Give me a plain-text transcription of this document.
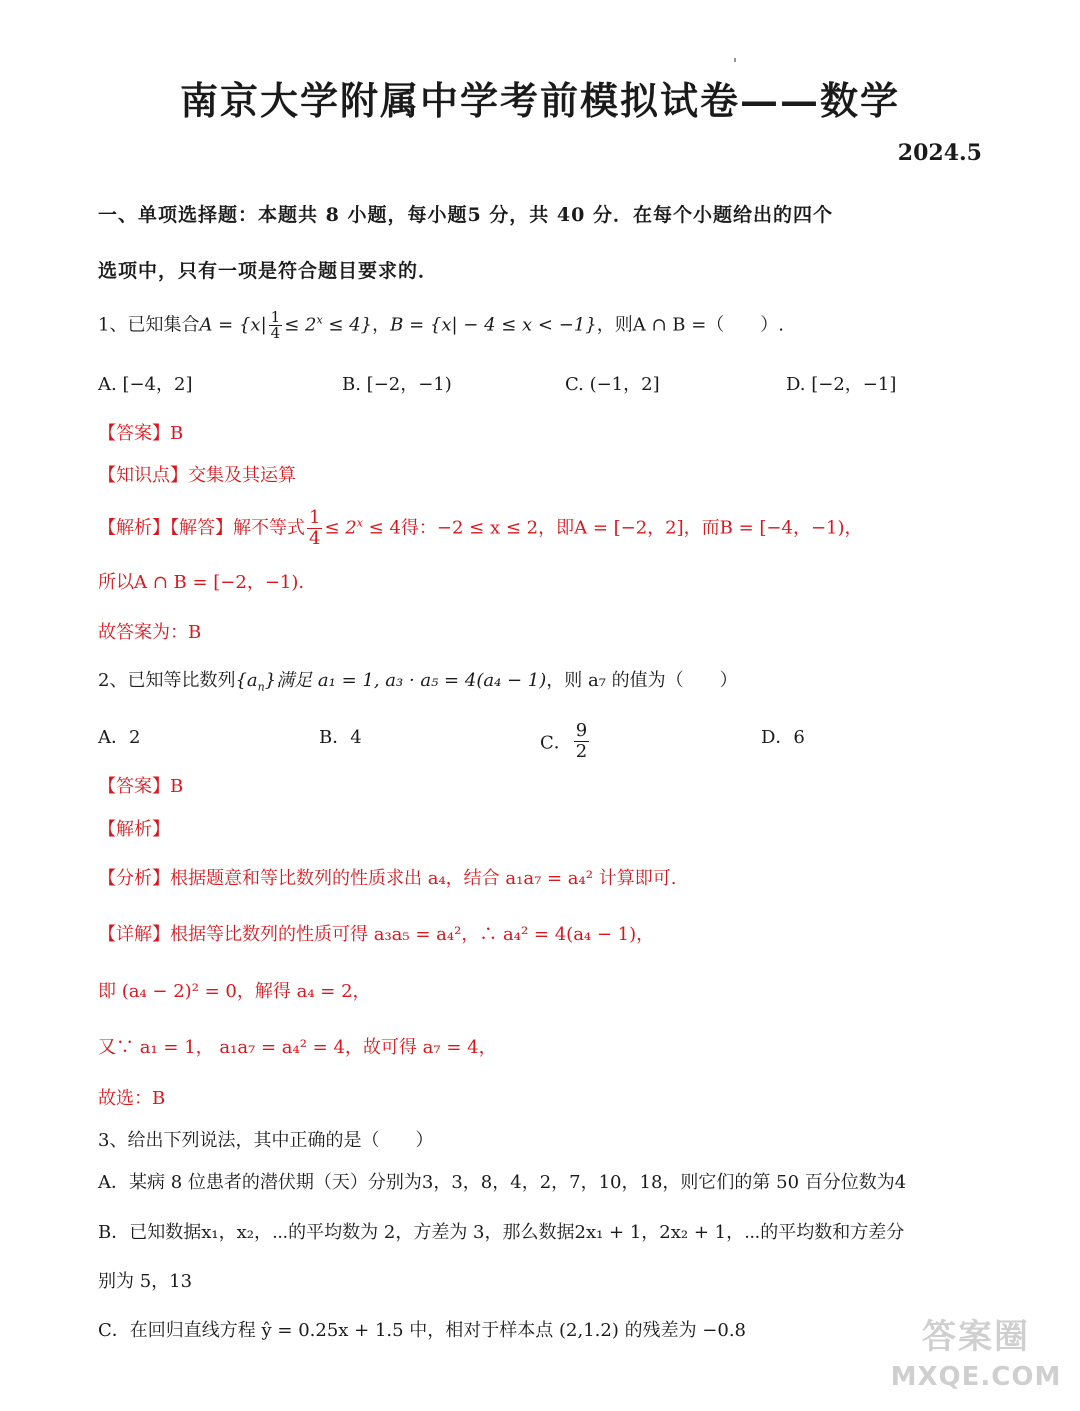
南京大学附属中学考前模拟试卷——数学
2024.5
一、单项选择题：本题共 8 小题，每小题5 分，共 40 分．在每个小题给出的四个
选项中，只有一项是符合题目要求的．
1、已知集合$A = \{x| \frac{1}{4} \le 2^x \le 4\}$，B = {x| − 4 ≤ x < −1}，则A ∩ B =（　　）.
A. [−4，2]	B. [−2，−1)	C. (−1，2]	D. [−2，−1]
【答案】B
【知识点】交集及其运算
【解析】【解答】解不等式 $\frac{1}{4} \le 2^x \le 4$得：−2 ≤ x ≤ 2，即A = [−2，2]，而B = [−4，−1)，
所以A ∩ B = [−2，−1).
故答案为：B
2、已知等比数列$\{a_n\}$满足 a₁ = 1, a₃ · a₅ = 4(a₄ − 1)，则 a₇ 的值为（　　）
A．2	B．4	C． $\frac{9}{2}$	D．6
【答案】B
【解析】
【分析】根据题意和等比数列的性质求出 a₄，结合 a₁a₇ = a₄² 计算即可.
【详解】根据等比数列的性质可得 a₃a₅ = a₄²，∴ a₄² = 4(a₄ − 1)，
即 (a₄ − 2)² = 0，解得 a₄ = 2，
又∵ a₁ = 1， a₁a₇ = a₄² = 4，故可得 a₇ = 4，
故选：B
3、给出下列说法，其中正确的是（　　）
A．某病 8 位患者的潜伏期（天）分别为3，3，8，4，2，7，10，18，则它们的第 50 百分位数为4
B．已知数据x₁，x₂，⋯的平均数为 2，方差为 3，那么数据2x₁ + 1，2x₂ + 1，⋯的平均数和方差分
别为 5，13
C．在回归直线方程 ŷ = 0.25x + 1.5 中，相对于样本点 (2,1.2) 的残差为 −0.8	答案圈
MXQE.COM
